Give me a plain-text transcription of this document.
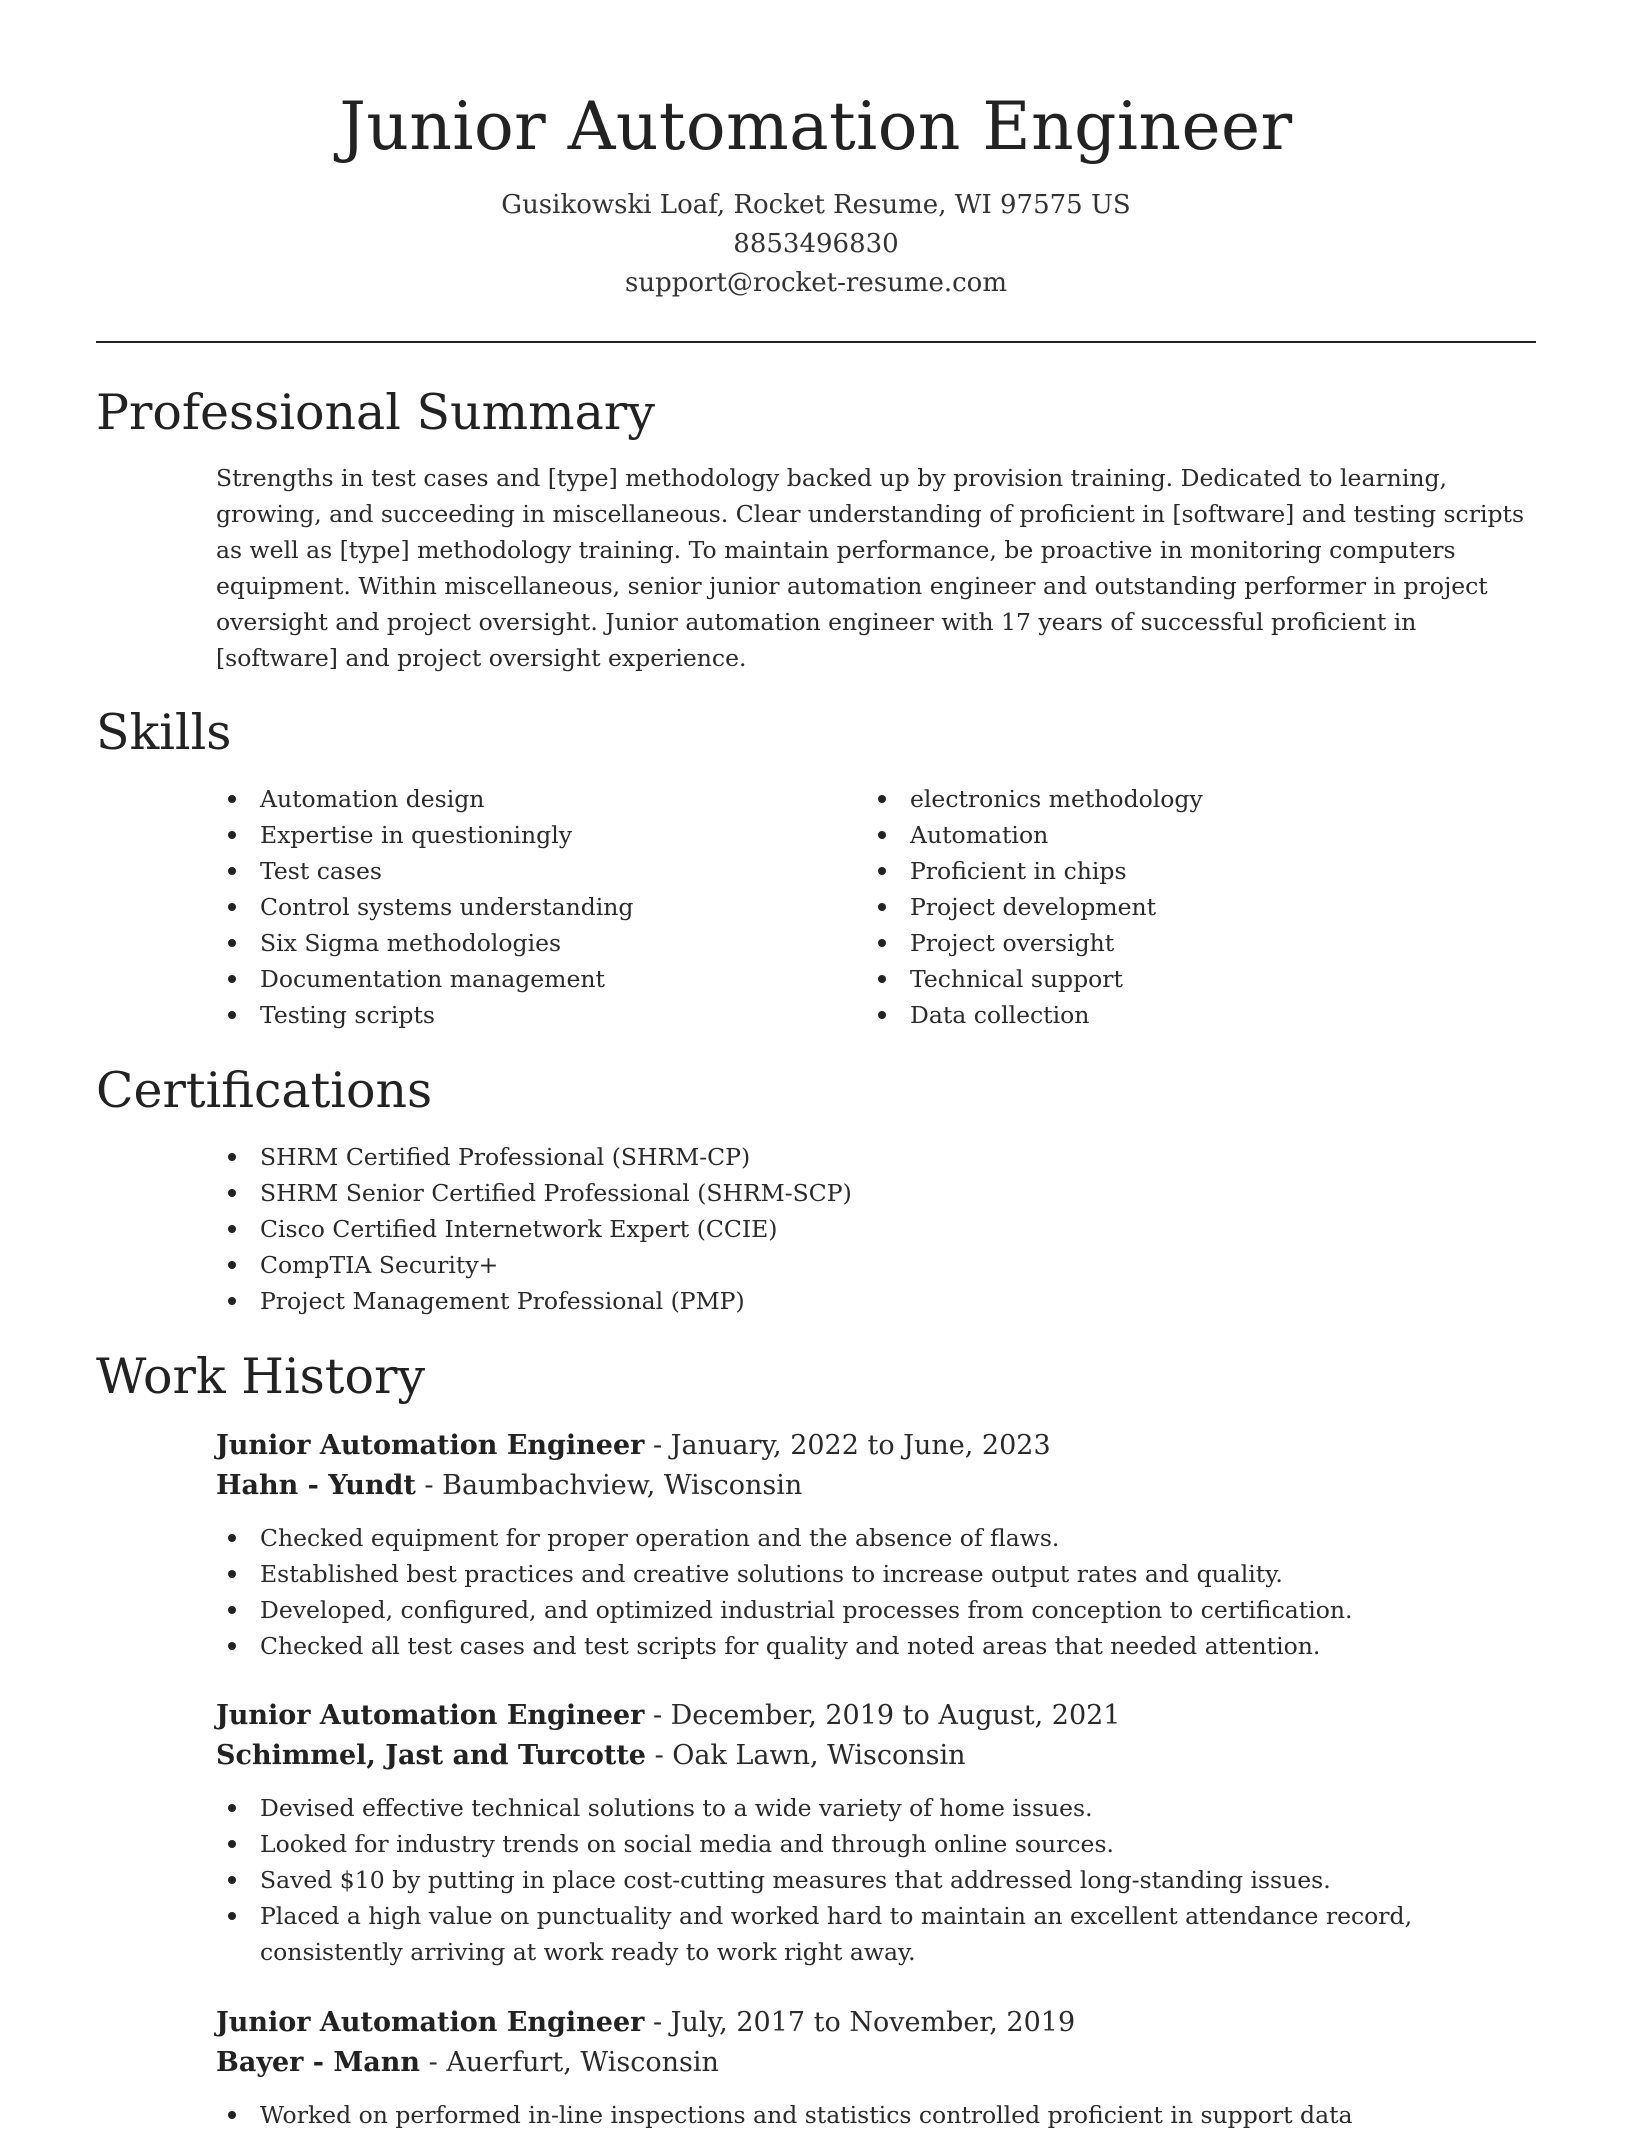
Junior Automation Engineer
Gusikowski Loaf, Rocket Resume, WI 97575 US
8853496830
support@rocket-resume.com
Professional Summary

Strengths in test cases and [type] methodology backed up by provision training. Dedicated to learning, growing, and succeeding in miscellaneous. Clear understanding of proficient in [software] and testing scripts as well as [type] methodology training. To maintain performance, be proactive in monitoring computers equipment. Within miscellaneous, senior junior automation engineer and outstanding performer in project oversight and project oversight. Junior automation engineer with 17 years of successful proficient in [software] and project oversight experience.

Skills
Automation design
Expertise in questioningly
Test cases
Control systems understanding
Six Sigma methodologies
Documentation management
Testing scripts
electronics methodology
Automation
Proficient in chips
Project development
Project oversight
Technical support
Data collection
Certifications
SHRM Certified Professional (SHRM-CP)
SHRM Senior Certified Professional (SHRM-SCP)
Cisco Certified Internetwork Expert (CCIE)
CompTIA Security+
Project Management Professional (PMP)
Work History
Junior Automation Engineer - January, 2022 to June, 2023
Hahn - Yundt - Baumbachview, Wisconsin
Checked equipment for proper operation and the absence of flaws.
Established best practices and creative solutions to increase output rates and quality.
Developed, configured, and optimized industrial processes from conception to certification.
Checked all test cases and test scripts for quality and noted areas that needed attention.
Junior Automation Engineer - December, 2019 to August, 2021
Schimmel, Jast and Turcotte - Oak Lawn, Wisconsin
Devised effective technical solutions to a wide variety of home issues.
Looked for industry trends on social media and through online sources.
Saved $10 by putting in place cost-cutting measures that addressed long-standing issues.
Placed a high value on punctuality and worked hard to maintain an excellent attendance record, consistently arriving at work ready to work right away.
Junior Automation Engineer - July, 2017 to November, 2019
Bayer - Mann - Auerfurt, Wisconsin
Worked on performed in-line inspections and statistics controlled proficient in support data
